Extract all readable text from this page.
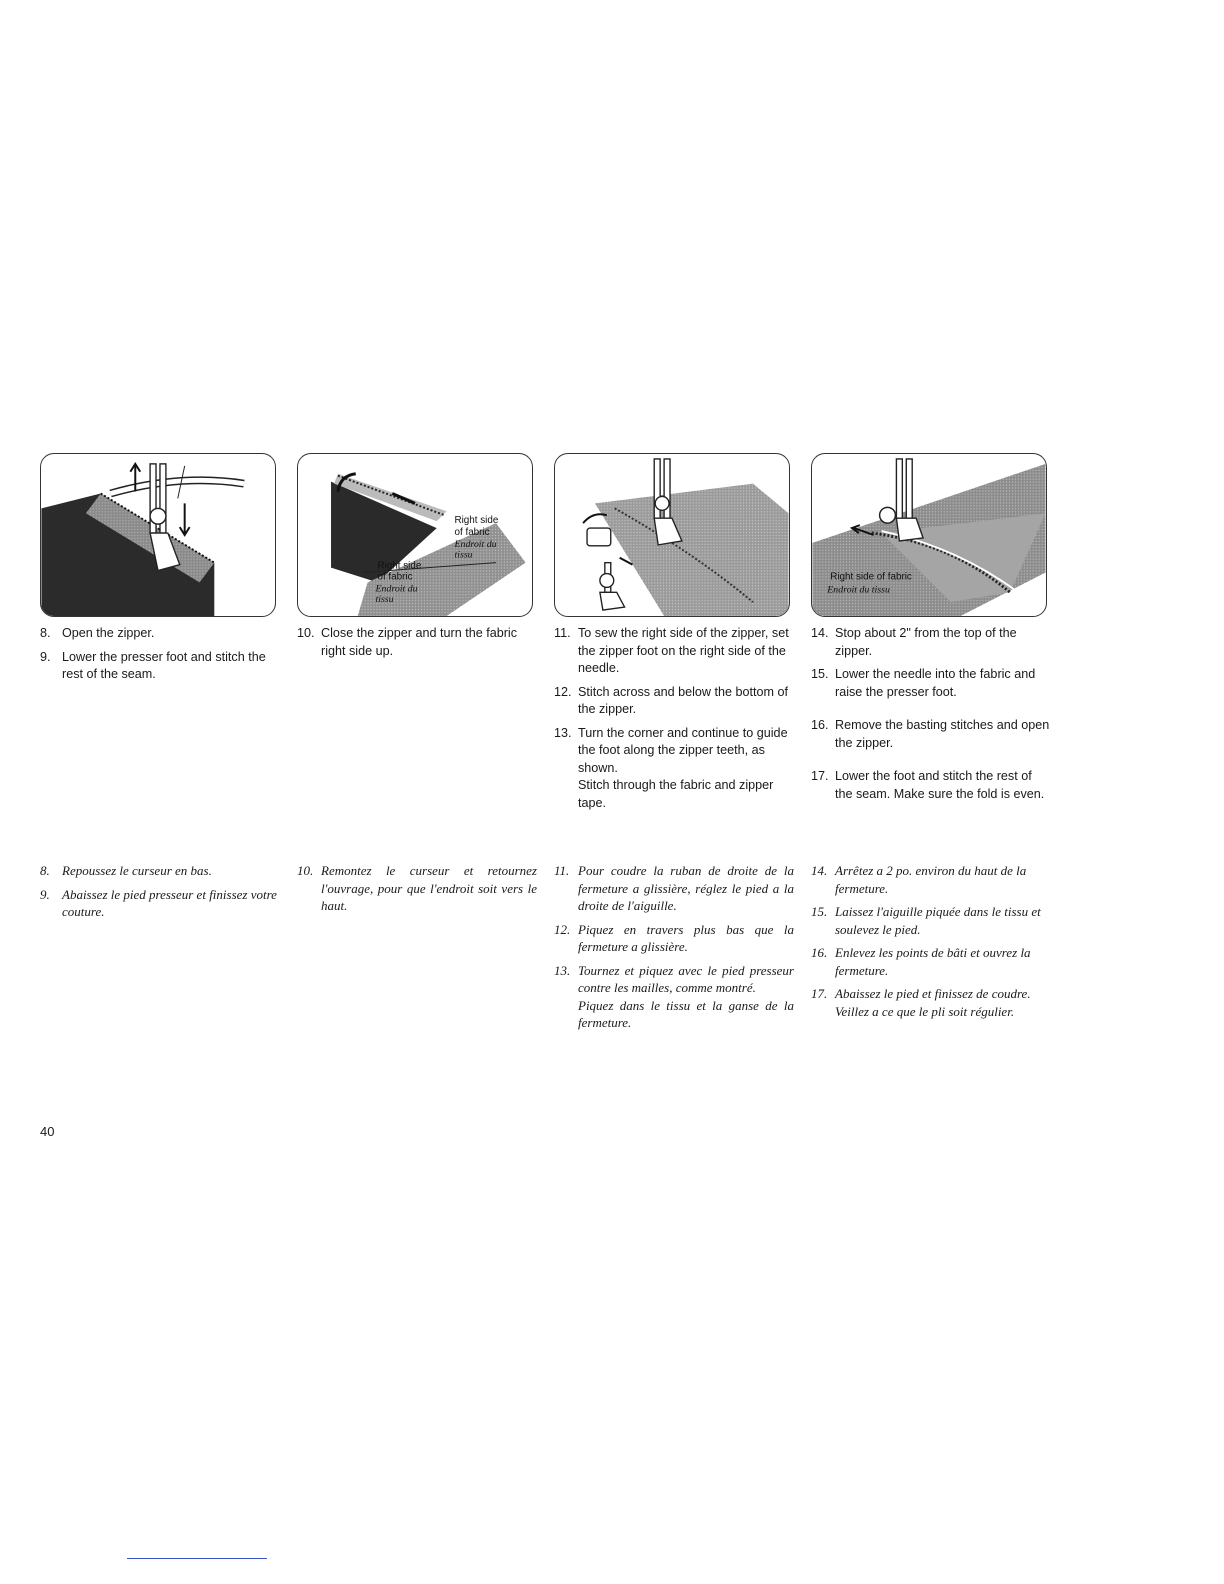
Right side
of fabric
Endroit du
tissu
Right side
of fabric
Endroit du
tissu
Right side of fabric
Endroit du tissu
8. Open the zipper.
9. Lower the presser foot and stitch the rest of the seam.
10. Close the zipper and turn the fabric right side up.
11. To sew the right side of the zipper, set the zipper foot on the right side of the needle.
12. Stitch across and below the bottom of the zipper.
13. Turn the corner and continue to guide the foot along the zipper teeth, as shown.
Stitch through the fabric and zipper tape.
14. Stop about 2" from the top of the zipper.
15. Lower the needle into the fabric and raise the presser foot.
16. Remove the basting stitches and open the zipper.
17. Lower the foot and stitch the rest of the seam. Make sure the fold is even.
8. Repoussez le curseur en bas.
9. Abaissez le pied presseur et finissez votre couture.
10. Remontez le curseur et retournez l'ouvrage, pour que l'endroit soit vers le haut.
11. Pour coudre la ruban de droite de la fermeture a glissière, réglez le pied a la droite de l'aiguille.
12. Piquez en travers plus bas que la fermeture a glissière.
13. Tournez et piquez avec le pied presseur contre les mailles, comme montré.
Piquez dans le tissu et la ganse de la fermeture.
14. Arrêtez a 2 po. environ du haut de la fermeture.
15. Laissez l'aiguille piquée dans le tissu et soulevez le pied.
16. Enlevez les points de bâti et ouvrez la fermeture.
17. Abaissez le pied et finissez de coudre. Veillez a ce que le pli soit régulier.
40
